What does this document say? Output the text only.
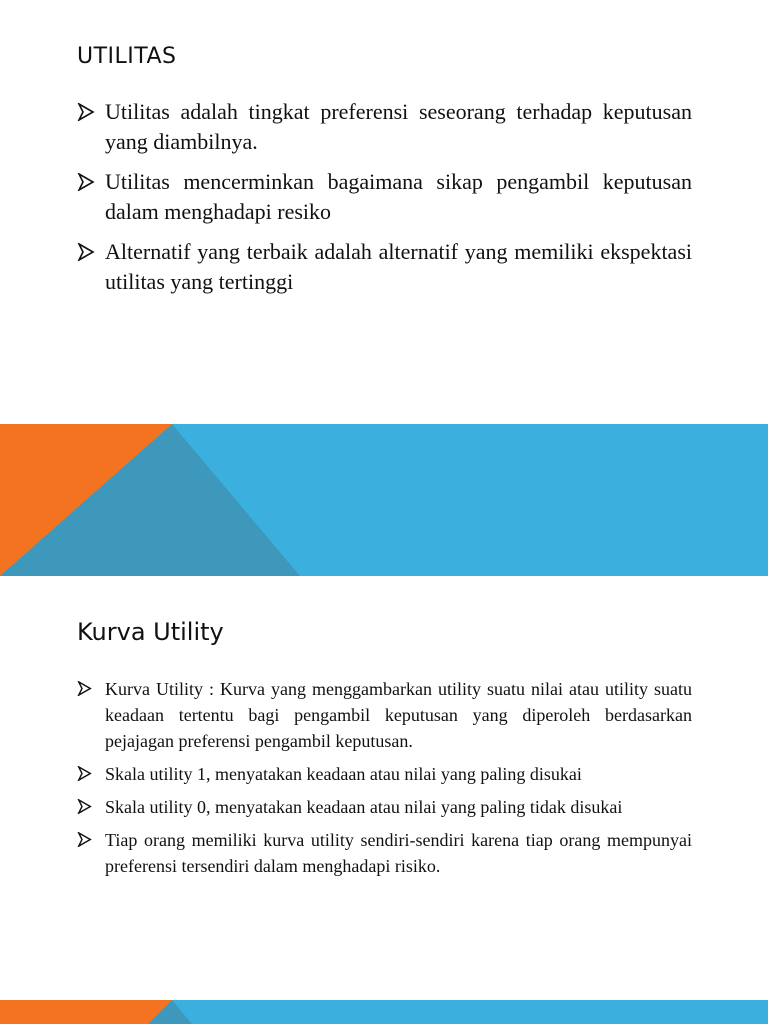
UTILITAS
Utilitas adalah tingkat preferensi seseorang terhadap keputusan yang diambilnya.
Utilitas mencerminkan bagaimana sikap pengambil keputusan dalam menghadapi resiko
Alternatif yang terbaik adalah alternatif yang memiliki ekspektasi utilitas yang tertinggi
Kurva Utility
Kurva Utility : Kurva yang menggambarkan utility suatu nilai atau utility suatu keadaan tertentu bagi pengambil keputusan yang diperoleh berdasarkan pejajagan preferensi pengambil keputusan.
Skala utility 1, menyatakan keadaan atau nilai yang paling disukai
Skala utility 0, menyatakan keadaan atau nilai yang paling tidak disukai
Tiap orang memiliki kurva utility sendiri-sendiri karena tiap orang mempunyai preferensi tersendiri dalam menghadapi risiko.
